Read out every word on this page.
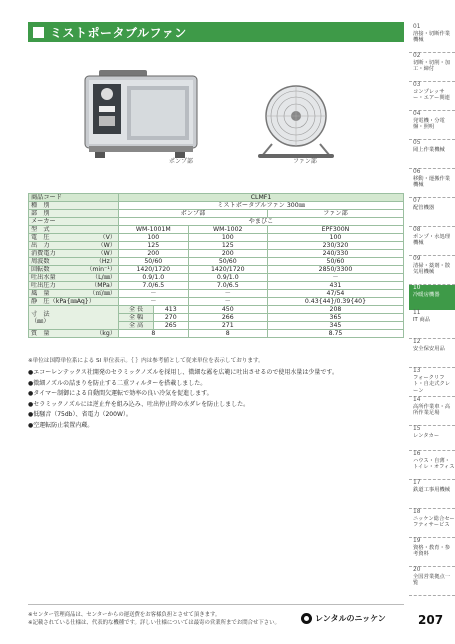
ミストポータブルファン
ポンプ部	ファン部
商品コード	CLMF1			
種　別	ミストポータブルファン 300㎜			
部　別	ポンプ部			ファン部
メーカー	やまびこ			
型　式	WM-1001M		WM-1002	EPF300N

電　圧 （V）	100		100	100

出　力 （W）	125		125	230/320

消費電力 （W）	200		200	240/330

周波数 （Hz）	50/60		50/60	50/60

回転数 （min⁻¹）	1420/1720		1420/1720	2850/3300

吐出水量 （L/㎜）	0.9/1.0		0.9/1.0	－

吐出圧力 （MPa）	7.0/6.5		7.0/6.5	431

風　量 （㎥/㎜）	－		－	47/54

静　圧（kPa{㎜Aq}）	－		－	0.43{44}/0.39{40}

寸　法
（㎜）	全 長	413	450	208
	全 幅	270	266	365
	全 高	265	271	345

質　量 （kg）	8		8	8.75
※単位は国際単位系による SI 単位表示。｛ ｝内は参考値として従来単位を表示しております。
●エコーレンテックス社開発のセラミックノズルを採用し、微細な霧を広範に吐出させるので使用水量は少量です。
●微細ノズルの詰まりを防止する二重フィルターを搭載しました。
●タイマー制御による自動間欠運転で効率の良い冷気を促進します。
●セラミックノズルには逆止弁を組み込み、吐出停止時の水ダレを防止しました。
●低騒音（75db）、省電力（200W）。
●空運転防止装置内蔵。
01
溶接・切断作業機械
02
切断・切削・加工・締付
03
コンプレッサー・エアー関連
04
発電機・分電盤・照明
05
岡上作業機械
06
移動・運搬作業機械
07
配管機器
08
ポンプ・水処理機械
09
清掃・薬剤・散気用機械
10
冷暖房機器
11
IT 商品
12
安全保安用品
13
フォークリフト・自走式クレーン
14
高所作業車・高所作業足場
15
レンタカー
16
ハウス・自薄・トイレ・オフィス
17
鉄道工事用機械
18
ニッケン総合セーフティサービス
19
資格・教育・参考資料
20
全国営業拠点一覧
※センター管理商品は、センターからの運送費をお客様負担とさせて頂きます。
※記載されている仕様は、代表的な機種です。詳しい仕様については最寄の営業所までお問合せ下さい。	レンタルのニッケン	207
